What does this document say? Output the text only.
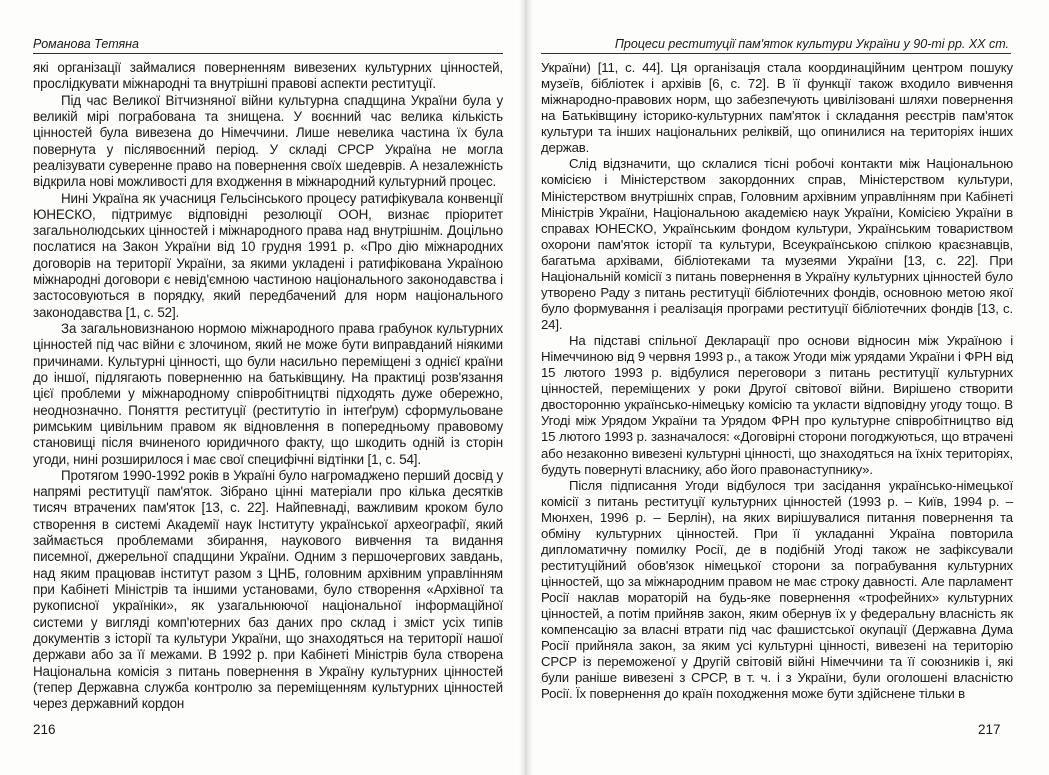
Романова Тетяна

які організації займалися поверненням вивезених культурних цінностей, прослідкувати міжнародні та внутрішні правові аспекти реституції.

Під час Великої Вітчизняної війни культурна спадщина України була у великій мірі пограбована та знищена. У воєнний час велика кількість цінностей була вивезена до Німеччини. Лише невелика частина їх була повернута у післявоєнний період. У складі СРСР Україна не могла реалізувати суверенне право на повернення своїх шедеврів. А незалежність відкрила нові можливості для входження в міжнародний культурний процес.

Нині Україна як учасниця Гельсінського процесу ратифікувала конвенції ЮНЕСКО, підтримує відповідні резолюції ООН, визнає пріоритет загальнолюдських цінностей і міжнародного права над внутрішнім. Доцільно послатися на Закон України від 10 грудня 1991 р. «Про дію міжнародних договорів на території України, за якими укладені і ратифікована Україною міжнародні договори є невід'ємною частиною національного законодавства і застосовуються в порядку, який передбачений для норм національного законодавства [1, с. 52].

За загальновизнаною нормою міжнародного права грабунок культурних цінностей під час війни є злочином, який не може бути виправданий ніякими причинами. Культурні цінності, що були насильно переміщені з однієї країни до іншої, підлягають поверненню на батьківщину. На практиці розв'язання цієї проблеми у міжнародному співробітництві підходять дуже обережно, неоднозначно. Поняття реституції (реститутіо in інтеґрум) сформульоване римським цивільним правом як відновлення в попередньому правовому становищі після вчиненого юридичного факту, що шкодить одній із сторін угоди, нині розширилося і має свої специфічні відтінки [1, с. 54].

Протягом 1990-1992 років в Україні було нагромаджено перший досвід у напрямі реституції пам'яток. Зібрано цінні матеріали про кілька десятків тисяч втрачених пам'яток [13, с. 22]. Найпевнаді, важливим кроком було створення в системі Академії наук Інституту української археографії, який займається проблемами збирання, наукового вивчення та видання писемної, джерельної спадщини України. Одним з першочергових завдань, над яким працював інститут разом з ЦНБ, головним архівним управлінням при Кабінеті Міністрів та іншими установами, було створення «Архівної та рукописної україніки», як узагальнюючої національної інформаційної системи у вигляді комп'ютерних баз даних про склад і зміст усіх типів документів з історії та культури України, що знаходяться на території нашої держави або за її межами. В 1992 р. при Кабінеті Міністрів була створена Національна комісія з питань повернення в Україну культурних цінностей (тепер Державна служба контролю за переміщенням культурних цінностей через державний кордон

216
Процеси реституції пам'яток культури України у 90-ті рр. XX ст.

України) [11, с. 44]. Ця організація стала координаційним центром пошуку музеїв, бібліотек і архівів [6, с. 72]. В її функції також входило вивчення міжнародно-правових норм, що забезпечують цивілізовані шляхи повернення на Батьківщину історико-культурних пам'яток і складання реєстрів пам'яток культури та інших національних реліквій, що опинилися на територіях інших держав.

Слід відзначити, що склалися тісні робочі контакти між Національною комісією і Міністерством закордонних справ, Міністерством культури, Міністерством внутрішніх справ, Головним архівним управлінням при Кабінеті Міністрів України, Національною академією наук України, Комісією України в справах ЮНЕСКО, Українським фондом культури, Українським товариством охорони пам'яток історії та культури, Всеукраїнською спілкою краєзнавців, багатьма архівами, бібліотеками та музеями України [13, с. 22]. При Національній комісії з питань повернення в Україну культурних цінностей було утворено Раду з питань реституції бібліотечних фондів, основною метою якої було формування і реалізація програми реституції бібліотечних фондів [13, с. 24].

На підставі спільної Декларації про основи відносин між Україною і Німеччиною від 9 червня 1993 р., а також Угоди між урядами України і ФРН від 15 лютого 1993 р. відбулися переговори з питань реституції культурних цінностей, переміщених у роки Другої світової війни. Вирішено створити двосторонню українсько-німецьку комісію та укласти відповідну угоду тощо. В Угоді між Урядом України та Урядом ФРН про культурне співробітництво від 15 лютого 1993 р. зазначалося: «Договірні сторони погоджуються, що втрачені або незаконно вивезені культурні цінності, що знаходяться на їхніх територіях, будуть повернуті власнику, або його правонаступнику».

Після підписання Угоди відбулося три засідання українсько-німецької комісії з питань реституції культурних цінностей (1993 р. – Київ, 1994 р. – Мюнхен, 1996 р. – Берлін), на яких вирішувалися питання повернення та обміну культурних цінностей. При її укладанні Україна повторила дипломатичну помилку Росії, де в подібній Угоді також не зафіксували реституційний обов'язок німецької сторони за пограбування культурних цінностей, що за міжнародним правом не має строку давності. Але парламент Росії наклав мораторій на будь-яке повернення «трофейних» культурних цінностей, а потім прийняв закон, яким обернув їх у федеральну власність як компенсацію за власні втрати під час фашистської окупації (Державна Дума Росії прийняла закон, за яким усі культурні цінності, вивезені на територію СРСР із переможеної у Другій світовій війні Німеччини та її союзників і, які були раніше вивезені з СРСР, в т. ч. і з України, були оголошені власністю Росії. Їх повернення до країн походження може бути здійснене тільки в

217
